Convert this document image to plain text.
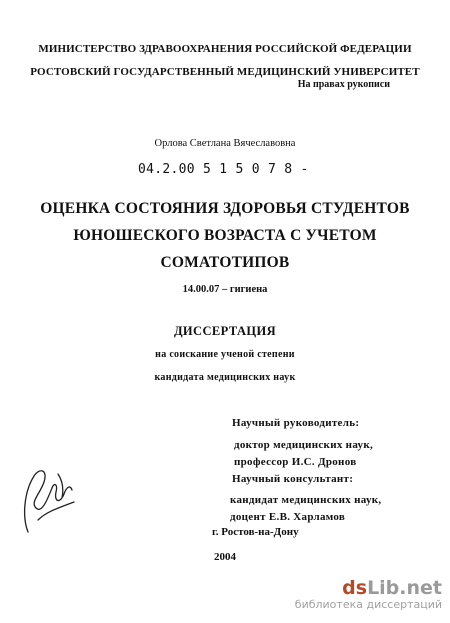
МИНИСТЕРСТВО ЗДРАВООХРАНЕНИЯ РОССИЙСКОЙ ФЕДЕРАЦИИ
РОСТОВСКИЙ ГОСУДАРСТВЕННЫЙ МЕДИЦИНСКИЙ УНИВЕРСИТЕТ
На правах рукописи
Орлова Светлана Вячеславовна
04.2.00 5 1 5 0 7 8 -
ОЦЕНКА СОСТОЯНИЯ ЗДОРОВЬЯ СТУДЕНТОВ
ЮНОШЕСКОГО ВОЗРАСТА С УЧЕТОМ
СОМАТОТИПОВ
14.00.07 – гигиена
ДИССЕРТАЦИЯ
на соискание ученой степени
кандидата медицинских наук
Научный руководитель:
доктор медицинских наук,
профессор И.С. Дронов
Научный консультант:
кандидат медицинских наук,
доцент Е.В. Харламов
г. Ростов-на-Дону
2004
dsLib.net
библиотека диссертаций
